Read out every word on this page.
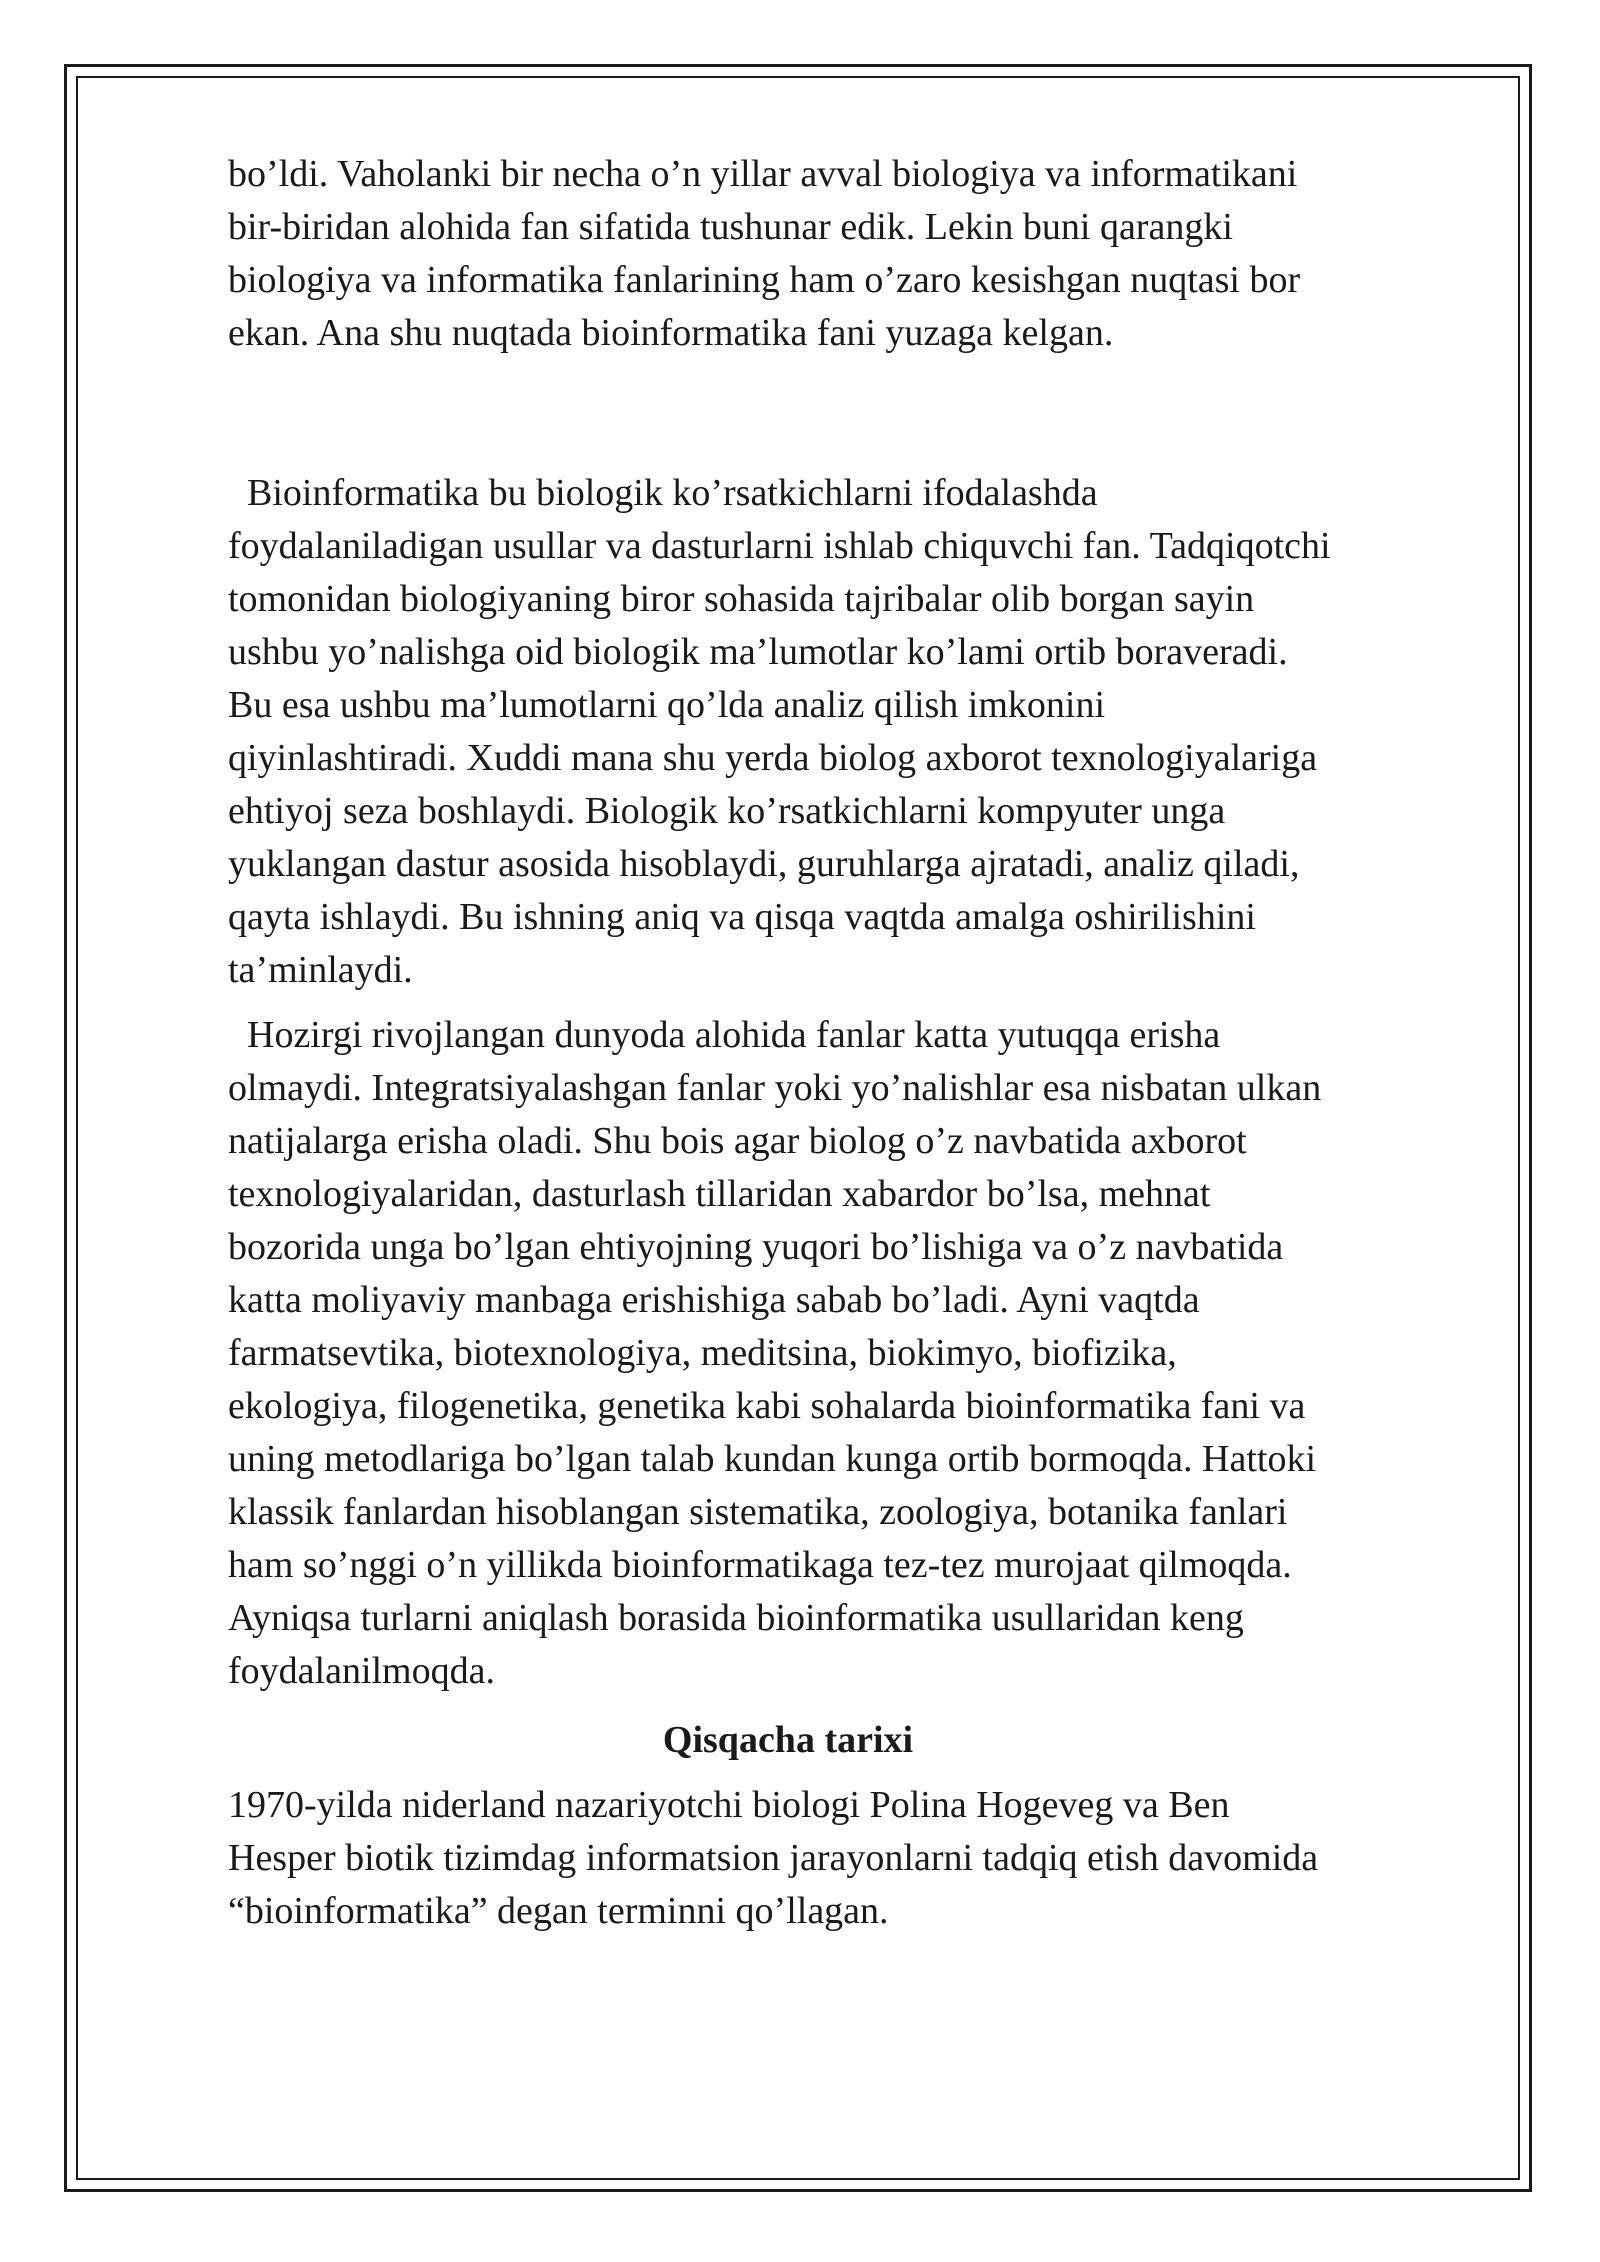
bo’ldi. Vaholanki bir necha o’n yillar avval biologiya va informatikani
bir-biridan alohida fan sifatida tushunar edik. Lekin buni qarangki
biologiya va informatika fanlarining ham o’zaro kesishgan nuqtasi bor
ekan. Ana shu nuqtada bioinformatika fani yuzaga kelgan.

Bioinformatika bu biologik ko’rsatkichlarni ifodalashda
foydalaniladigan usullar va dasturlarni ishlab chiquvchi fan. Tadqiqotchi
tomonidan biologiyaning biror sohasida tajribalar olib borgan sayin
ushbu yo’nalishga oid biologik ma’lumotlar ko’lami ortib boraveradi.
Bu esa ushbu ma’lumotlarni qo’lda analiz qilish imkonini
qiyinlashtiradi. Xuddi mana shu yerda biolog axborot texnologiyalariga
ehtiyoj seza boshlaydi. Biologik ko’rsatkichlarni kompyuter unga
yuklangan dastur asosida hisoblaydi, guruhlarga ajratadi, analiz qiladi,
qayta ishlaydi. Bu ishning aniq va qisqa vaqtda amalga oshirilishini
ta’minlaydi.

Hozirgi rivojlangan dunyoda alohida fanlar katta yutuqqa erisha
olmaydi. Integratsiyalashgan fanlar yoki yo’nalishlar esa nisbatan ulkan
natijalarga erisha oladi. Shu bois agar biolog o’z navbatida axborot
texnologiyalaridan, dasturlash tillaridan xabardor bo’lsa, mehnat
bozorida unga bo’lgan ehtiyojning yuqori bo’lishiga va o’z navbatida
katta moliyaviy manbaga erishishiga sabab bo’ladi. Ayni vaqtda
farmatsevtika, biotexnologiya, meditsina, biokimyo, biofizika,
ekologiya, filogenetika, genetika kabi sohalarda bioinformatika fani va
uning metodlariga bo’lgan talab kundan kunga ortib bormoqda. Hattoki
klassik fanlardan hisoblangan sistematika, zoologiya, botanika fanlari
ham so’nggi o’n yillikda bioinformatikaga tez-tez murojaat qilmoqda.
Ayniqsa turlarni aniqlash borasida bioinformatika usullaridan keng
foydalanilmoqda.

Qisqacha tarixi

1970-yilda niderland nazariyotchi biologi Polina Hogeveg va Ben
Hesper biotik tizimdag informatsion jarayonlarni tadqiq etish davomida
“bioinformatika” degan terminni qo’llagan.
